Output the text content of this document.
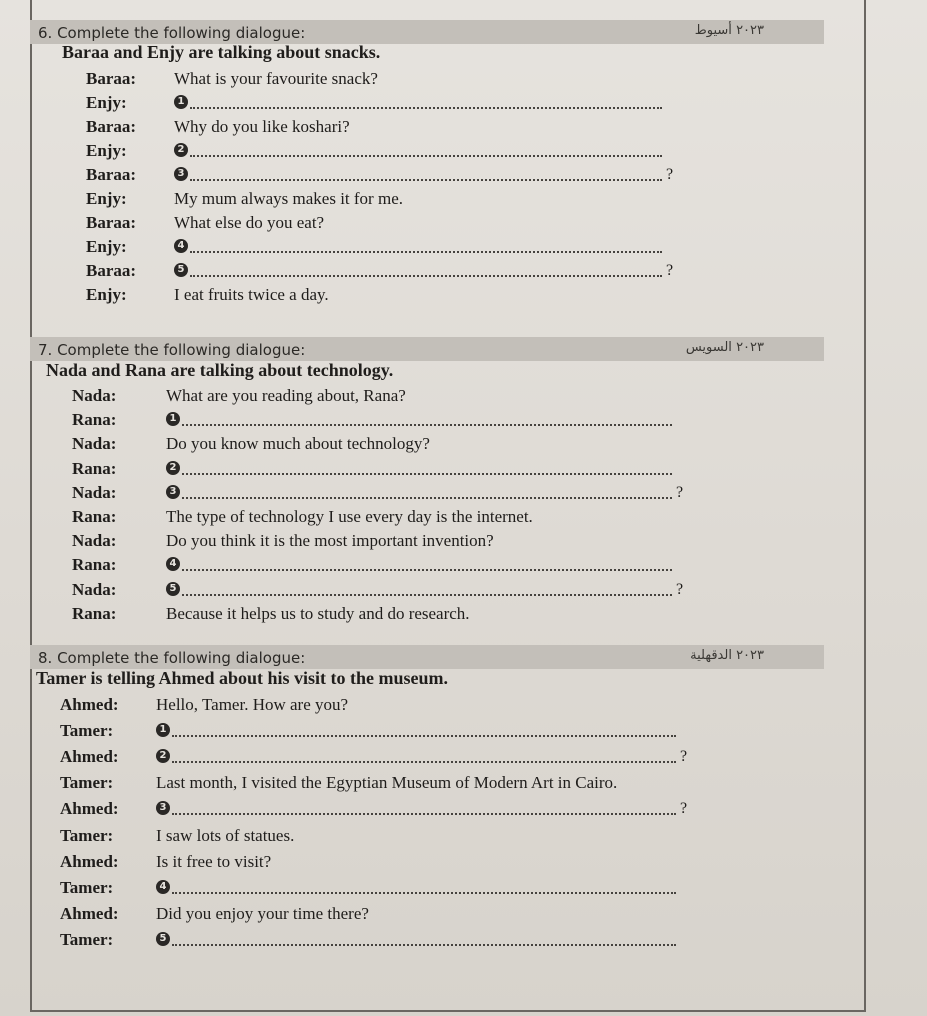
6. Complete the following dialogue:	٢٠٢٣ أسيوط
Baraa and Enjy are talking about snacks.
Baraa: What is your favourite snack?
Enjy:	1
Baraa: Why do you like koshari?
Enjy:	2
Baraa:	3	?
Enjy:	My mum always makes it for me.
Baraa: What else do you eat?
Enjy:	4
Baraa:	5	?
Enjy:	I eat fruits twice a day.
7. Complete the following dialogue:	٢٠٢٣ السويس
Nada and Rana are talking about technology.
Nada:	What are you reading about, Rana?
Rana:	1
Nada:	Do you know much about technology?
Rana:	2
Nada:	3	?
Rana:	The type of technology I use every day is the internet.
Nada:	Do you think it is the most important invention?
Rana:	4
Nada:	5	?
Rana:	Because it helps us to study and do research.
8. Complete the following dialogue:	٢٠٢٣ الدقهلية
Tamer is telling Ahmed about his visit to the museum.
Ahmed: Hello, Tamer. How are you?
Tamer:	1
Ahmed:	2	?
Tamer:	Last month, I visited the Egyptian Museum of Modern Art in Cairo.
Ahmed:	3	?
Tamer:	I saw lots of statues.
Ahmed: Is it free to visit?
Tamer:	4
Ahmed: Did you enjoy your time there?
Tamer:	5
